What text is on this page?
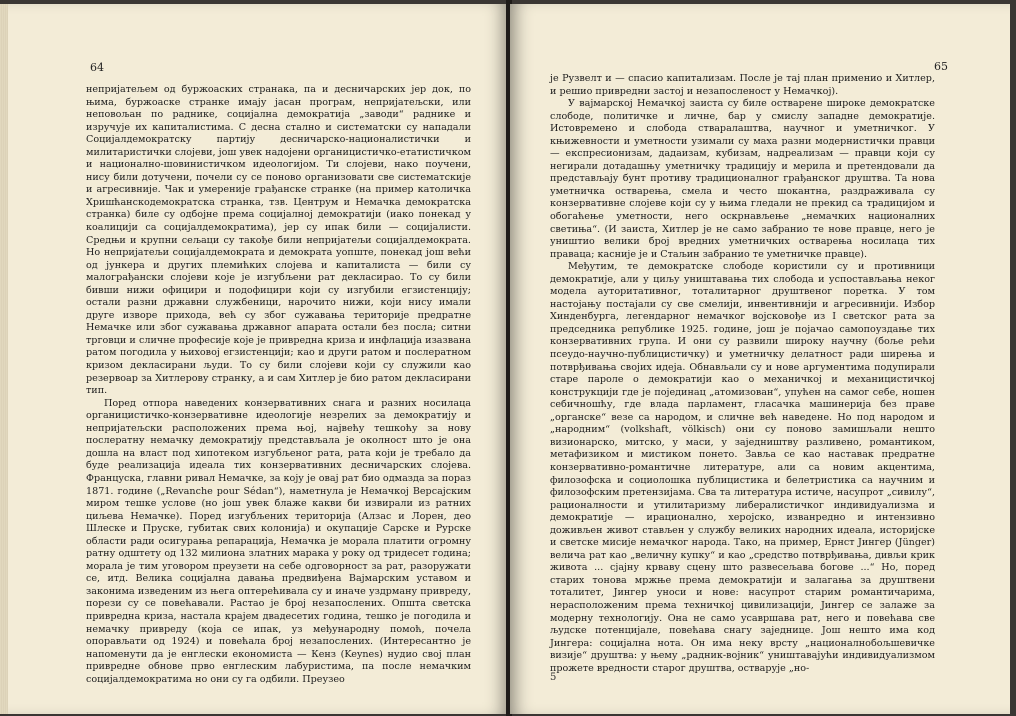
64

непријатељем од буржоаских странака, па и десничарских јер док, по њима, буржоаске странке имају јасан програм, непријатељски, или неповољан по раднике, социјална демократија „заводи“ раднике и изручује их капиталистима. С десна стално и систематски су нападали Социјалдемократску партију десничарско-националистички и милитаристички слојеви, још увек надојени органицистичко-етатистичком и национално-шовинистичком идеологијом. Ти слојеви, нако поучени, нису били дотучени, почели су се поново организовати све систематскије и агресивније. Чак и умереније грађанске странке (на пример католичка Хришћанскодемократска странка, тзв. Центрум и Немачка демократска странка) биле су одбојне према социјалној демократији (иако понекад у коалицији са социјалдемократима), јер су ипак били — социјалисти. Средњи и крупни сељаци су такође били непријатељи социјалдемократа. Но непријатељи социјалдемократа и демократа уопште, понекад још већи од јункера и других племићких слојева и капиталиста — били су малограђански слојеви које је изгубљени рат декласирао. То су били бивши нижи официри и подофицири који су изгубили егзистенцију; остали разни државни службеници, нарочито нижи, који нису имали друге изворе прихода, већ су због сужавања територије предратне Немачке или због сужавања државног апарата остали без посла; ситни трговци и сличне професије које је привредна криза и инфлација изазвана ратом погодила у њиховој егзистенцији; као и други ратом и послератном кризом декласирани људи. То су били слојеви који су служили као резервоар за Хитлерову странку, а и сам Хитлер је био ратом декласирани тип.

Поред отпора наведених конзервативних снага и разних носилаца органицистичко-конзервативне идеологије незрелих за демократију и непријатељски расположених према њој, највећу тешкоћу за нову послератну немачку демократију представљала је околност што је она дошла на власт под хипотеком изгубљеног рата, рата који је требало да буде реализација идеала тих конзервативних десничарских слојева. Француска, главни ривал Немачке, за коју је овај рат био одмазда за пораз 1871. године („Revanche pour Sédan“), наметнула је Немачкој Версајским миром тешке услове (но још увек блаже какви би извирали из ратних циљева Немачке). Поред изгубљених територија (Алзас и Лорен, део Шлеске и Пруске, губитак свих колонија) и окупације Сарске и Рурске области ради осигурања репарација, Немачка је морала платити огромну ратну одштету од 132 милиона златних марака у року од тридесет година; морала је тим уговором преузети на себе одговорност за рат, разоружати се, итд. Велика социјална давања предвиђена Вајмарским уставом и законима изведеним из њега оптерећивала су и иначе уздрману привреду, порези су се повећавали. Растао је број незапослених. Општа светска привредна криза, настала крајем двадесетих година, тешко је погодила и немачку привреду (која се ипак, уз међународну помоћ, почела опорављати од 1924) и повећала број незапослених. (Интересантно је напоменути да је енглески економиста — Кенз (Keynes) нудио свој план привредне обнове прво енглеским лабуристима, па после немачким социјалдемократима но они су га одбили. Преузео

65

је Рузвелт и — спасио капитализам. После је тај план применио и Хитлер, и решио привредни застој и незапосленост у Немачкој).

У вајмарској Немачкој заиста су биле остварене широке демократске слободе, политичке и личне, бар у смислу западне демократије. Истовремено и слобода стваралаштва, научног и уметничког. У књижевности и уметности узимали су маха разни модернистички правци — експресионизам, дадаизам, кубизам, надреализам — правци који су негирали дотадашњу уметничку традицију и мерила и претендовали да представљају бунт противу традиционалног грађанског друштва. Та нова уметничка остварења, смела и често шокантна, раздраживала су конзервативне слојеве који су у њима гледали не прекид са традицијом и обогаћење уметности, него оскрнављење „немачких националних светиња“. (И заиста, Хитлер је не само забранио те нове правце, него је уништио велики број вредних уметничких остварења носилаца тих праваца; касније је и Стаљин забранио те уметничке правце).

Међутим, те демократске слободе користили су и противници демократије, али у циљу уништавања тих слобода и успостављања неког модела ауторитативног, тоталитарног друштвеног поретка. У том настојању постајали су све смелији, инвентивнији и агресивнији. Избор Хинденбурга, легендарног немачког војсковође из I светског рата за председника републике 1925. године, још је појачао самопоуздање тих конзервативних група. И они су развили широку научну (боље рећи псеудо-научно-публицистичку) и уметничку делатност ради ширења и потврђивања својих идеја. Обнављали су и нове аргументима подупирали старе пароле о демократији као о механичкој и механицистичкој конструкцији где је појединац „атомизован“, упућен на самог себе, ношен себичношћу, где влада парламент, гласачка машинерија без праве „органске“ везе са народом, и сличне већ наведене. Но под народом и „народним“ (volkshaft, völkisch) они су поново замишљали нешто визионарско, митско, у маси, у заједништву разливено, романтиком, метафизиком и мистиком понето. Завља се као наставак предратне конзервативно-романтичне литературе, али са новим акцентима, филозофска и социолошка публицистика и белетристика са научним и филозофским претензијама. Сва та литература истиче, насупрот „сивилу“, рационалности и утилитаризму либералистичког индивидуализма и демократије — ирационално, херојско, изванредно и интензивно доживљен живот стављен у службу великих народних идеала, историјске и светске мисије немачког народа. Тако, на пример, Ернст Јингер (Jünger) велича рат као „величну купку“ и као „средство потврђивања, дивљи крик живота ... сјајну крваву сцену што развесељава богове ...“ Но, поред старих тонова мржње према демократији и залагања за друштвени тоталитет, Јингер уноси и нове: насупрот старим романтичарима, нерасположеним према техничкој цивилизацији, Јингер се залаже за модерну технологију. Она не само усавршава рат, него и повећава све људске потенцијале, повећава снагу заједнице. Још нешто има код Јингера: социјална нота. Он има неку врсту „националнобољшевичке визије“ друштва: у њему „радник-војник“ уништавајући индивидуализмом прожете вредности старог друштва, остварује „но-

5
